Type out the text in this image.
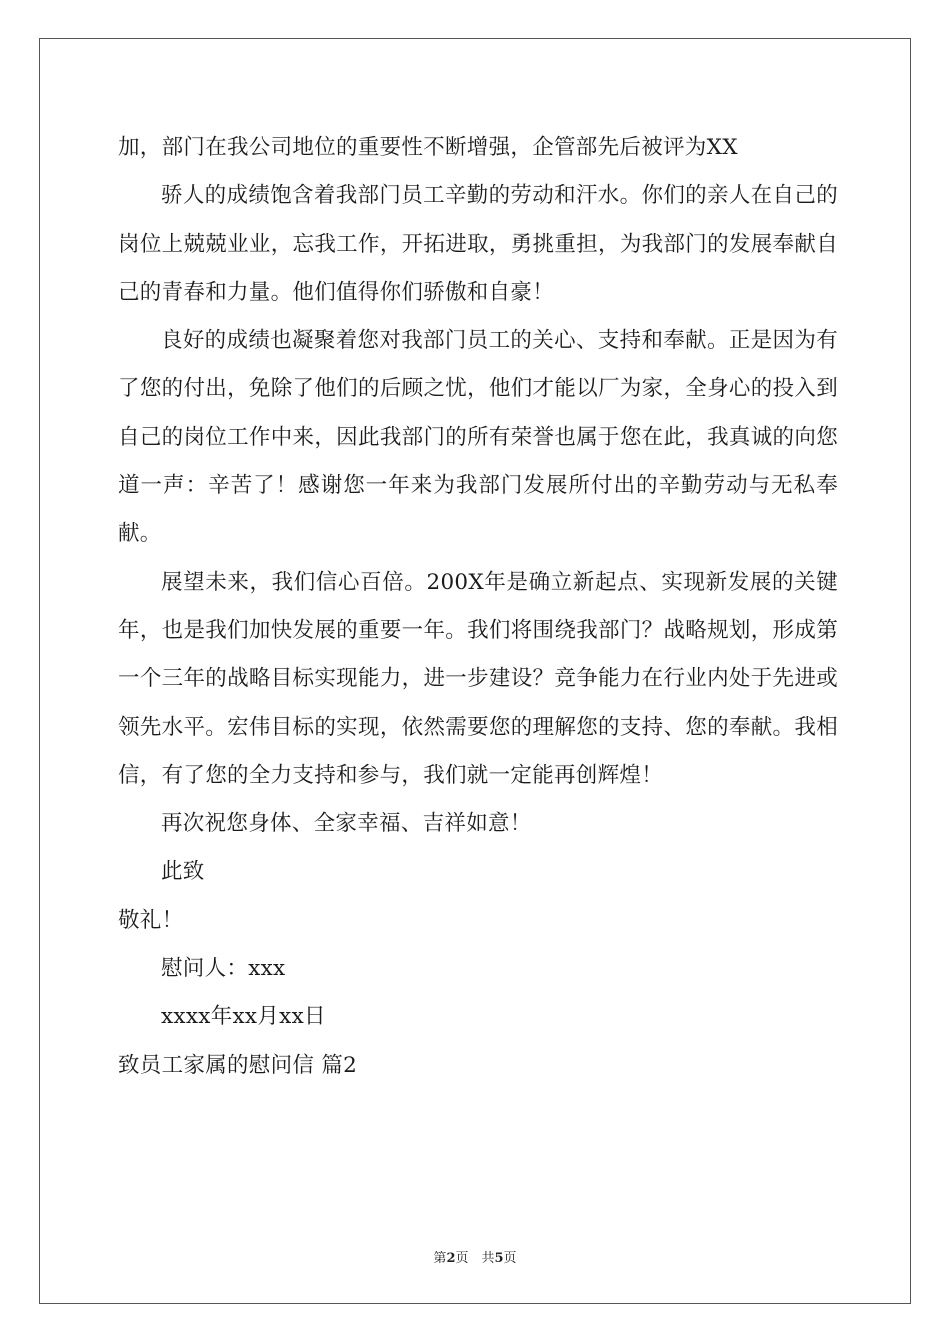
加，部门在我公司地位的重要性不断增强，企管部先后被评为XX

骄人的成绩饱含着我部门员工辛勤的劳动和汗水。你们的亲人在自己的岗位上兢兢业业，忘我工作，开拓进取，勇挑重担，为我部门的发展奉献自己的青春和力量。他们值得你们骄傲和自豪！

良好的成绩也凝聚着您对我部门员工的关心、支持和奉献。正是因为有了您的付出，免除了他们的后顾之忧，他们才能以厂为家，全身心的投入到自己的岗位工作中来，因此我部门的所有荣誉也属于您在此，我真诚的向您道一声：辛苦了！感谢您一年来为我部门发展所付出的辛勤劳动与无私奉献。

展望未来，我们信心百倍。200X年是确立新起点、实现新发展的关键年，也是我们加快发展的重要一年。我们将围绕我部门？战略规划，形成第一个三年的战略目标实现能力，进一步建设？竞争能力在行业内处于先进或领先水平。宏伟目标的实现，依然需要您的理解您的支持、您的奉献。我相信，有了您的全力支持和参与，我们就一定能再创辉煌！

再次祝您身体、全家幸福、吉祥如意！

此致

敬礼！

慰问人：xxx

xxxx年xx月xx日

致员工家属的慰问信 篇2

第2页　共5页
